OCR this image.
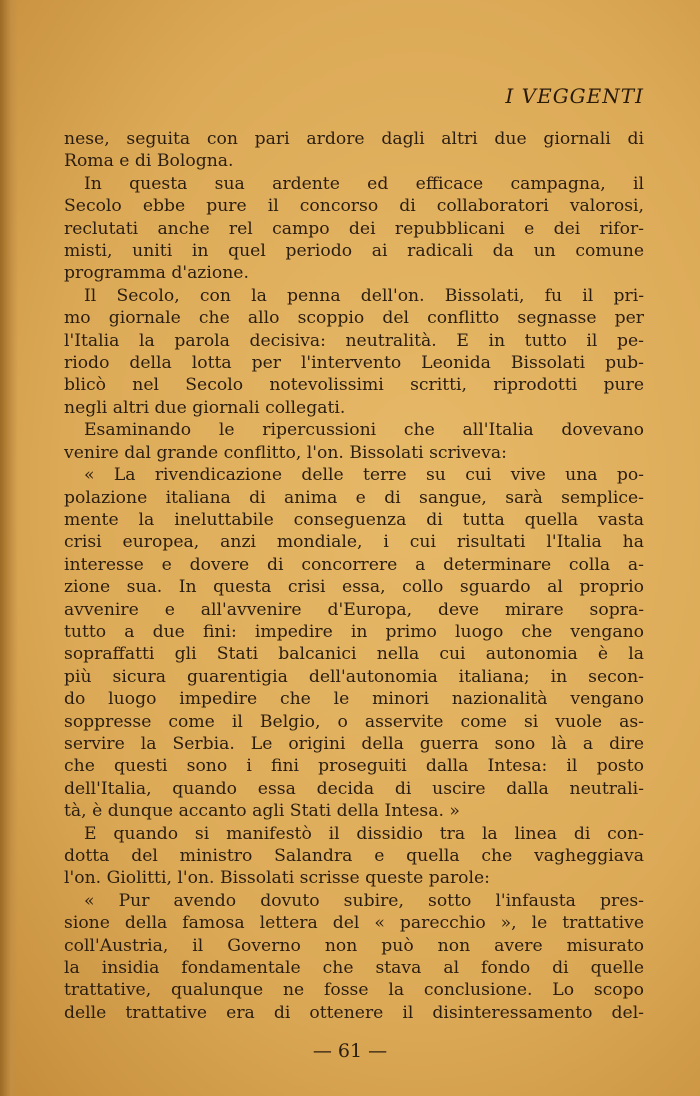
I VEGGENTI
nese, seguita con pari ardore dagli altri due giornali di
Roma e di Bologna.
In questa sua ardente ed efficace campagna, il
Secolo ebbe pure il concorso di collaboratori valorosi,
reclutati anche rel campo dei repubblicani e dei rifor-
misti, uniti in quel periodo ai radicali da un comune
programma d'azione.
Il Secolo, con la penna dell'on. Bissolati, fu il pri-
mo giornale che allo scoppio del conflitto segnasse per
l'Italia la parola decisiva: neutralità. E in tutto il pe-
riodo della lotta per l'intervento Leonida Bissolati pub-
blicò nel Secolo notevolissimi scritti, riprodotti pure
negli altri due giornali collegati.
Esaminando le ripercussioni che all'Italia dovevano
venire dal grande conflitto, l'on. Bissolati scriveva:
« La rivendicazione delle terre su cui vive una po-
polazione italiana di anima e di sangue, sarà semplice-
mente la ineluttabile conseguenza di tutta quella vasta
crisi europea, anzi mondiale, i cui risultati l'Italia ha
interesse e dovere di concorrere a determinare colla a-
zione sua. In questa crisi essa, collo sguardo al proprio
avvenire e all'avvenire d'Europa, deve mirare sopra-
tutto a due fini: impedire in primo luogo che vengano
sopraffatti gli Stati balcanici nella cui autonomia è la
più sicura guarentigia dell'autonomia italiana; in secon-
do luogo impedire che le minori nazionalità vengano
soppresse come il Belgio, o asservite come si vuole as-
servire la Serbia. Le origini della guerra sono là a dire
che questi sono i fini proseguiti dalla Intesa: il posto
dell'Italia, quando essa decida di uscire dalla neutrali-
tà, è dunque accanto agli Stati della Intesa. »
E quando si manifestò il dissidio tra la linea di con-
dotta del ministro Salandra e quella che vagheggiava
l'on. Giolitti, l'on. Bissolati scrisse queste parole:
« Pur avendo dovuto subire, sotto l'infausta pres-
sione della famosa lettera del « parecchio », le trattative
coll'Austria, il Governo non può non avere misurato
la insidia fondamentale che stava al fondo di quelle
trattative, qualunque ne fosse la conclusione. Lo scopo
delle trattative era di ottenere il disinteressamento del-
— 61 —
